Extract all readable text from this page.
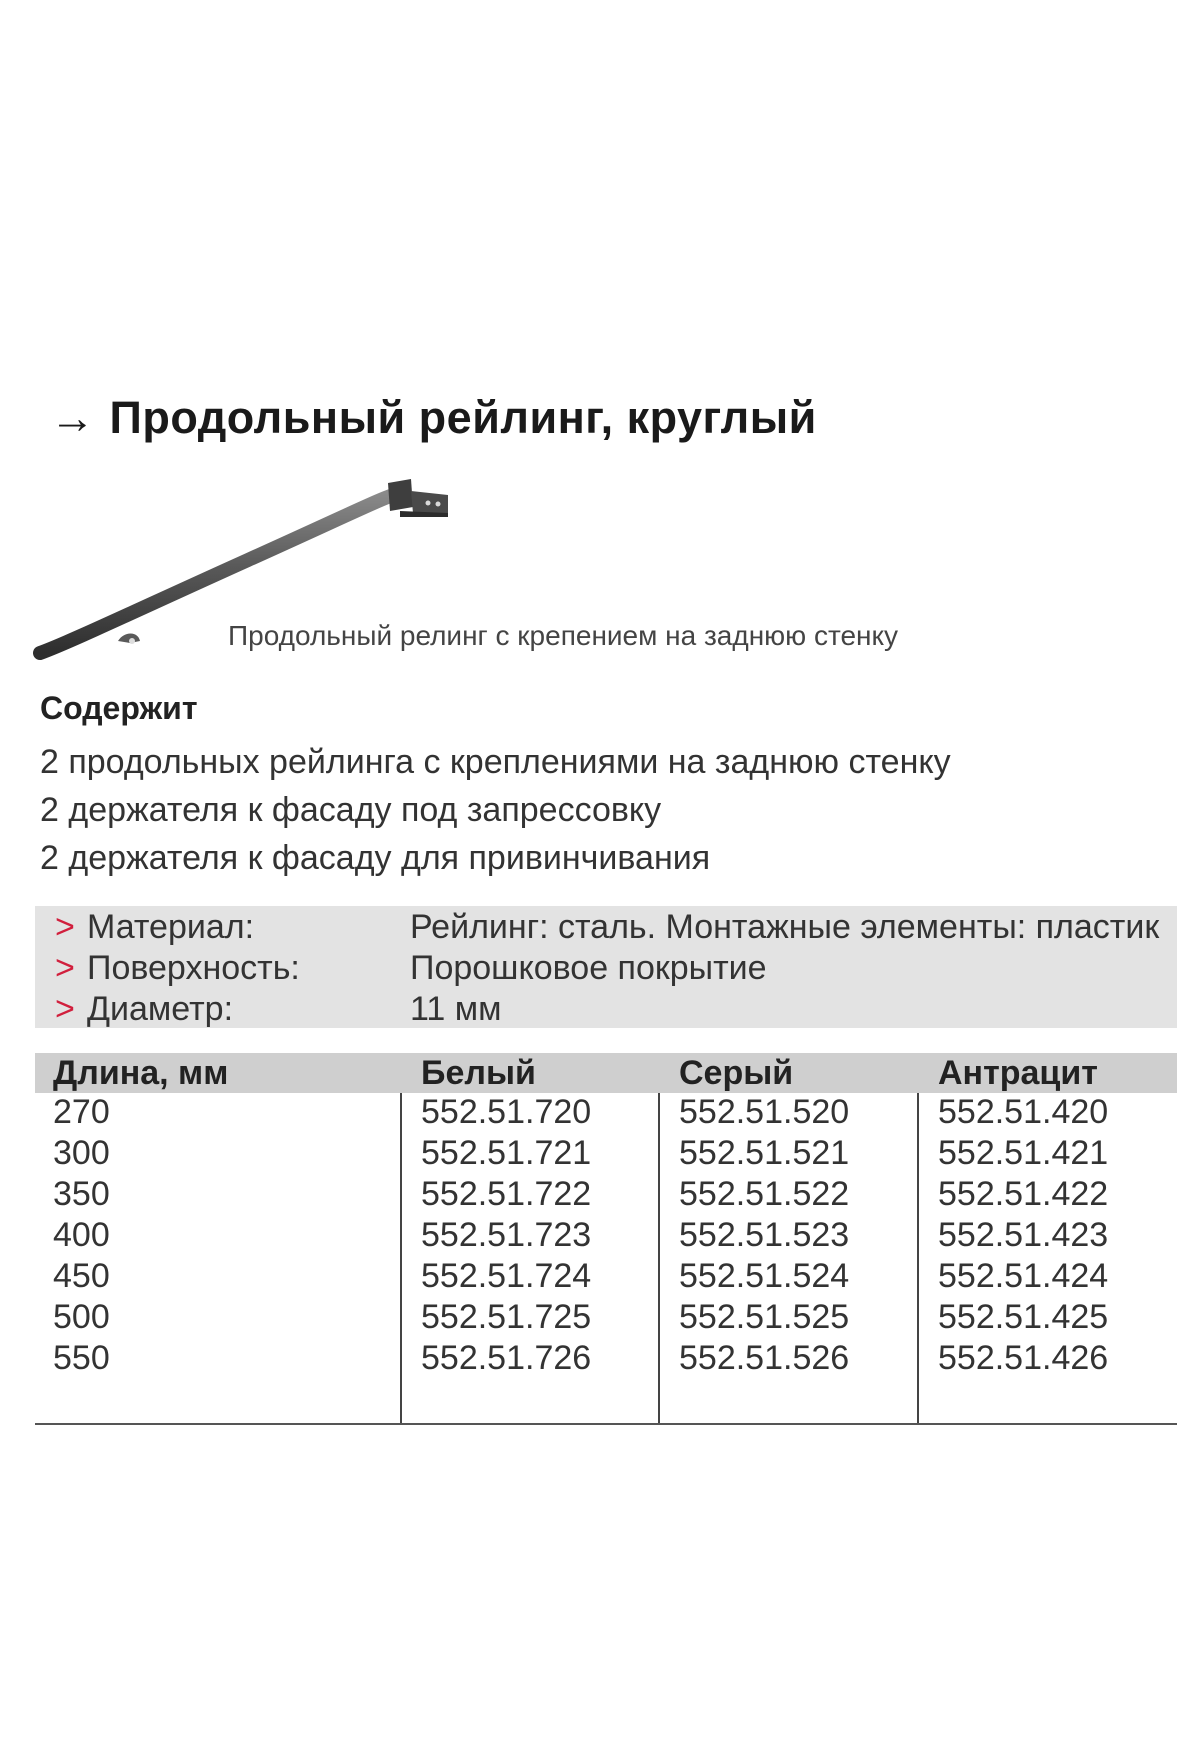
→ Продольный рейлинг, круглый
Продольный релинг с крепением на заднюю стенку
Содержит
2 продольных рейлинга с креплениями на заднюю стенку
2 держателя к фасаду под запрессовку
2 держателя к фасаду для привинчивания
> Материал:	Рейлинг: сталь. Монтажные элементы: пластик
> Поверхность:	Порошковое покрытие
> Диаметр:	11 мм
Длина, мм	Белый	Серый	Антрацит
270	552.51.720	552.51.520	552.51.420
300	552.51.721	552.51.521	552.51.421
350	552.51.722	552.51.522	552.51.422
400	552.51.723	552.51.523	552.51.423
450	552.51.724	552.51.524	552.51.424
500	552.51.725	552.51.525	552.51.425
550	552.51.726	552.51.526	552.51.426
